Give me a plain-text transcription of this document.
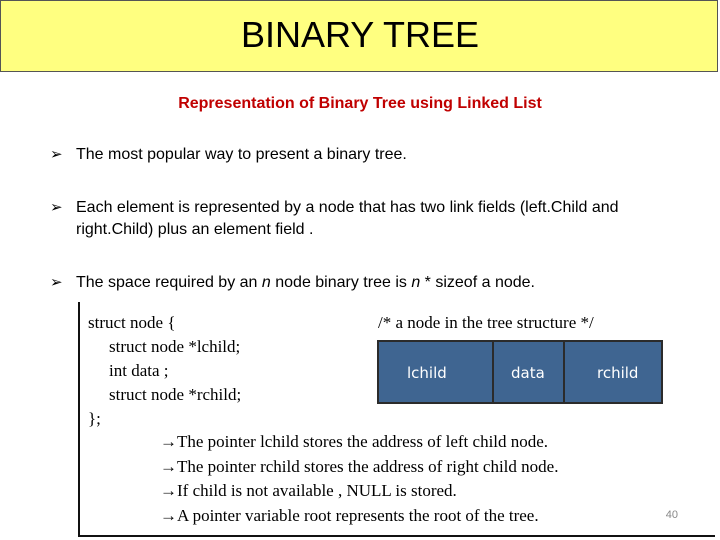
BINARY TREE
Representation of Binary Tree using Linked List
➢ The most popular way to present a binary tree.
➢ Each element is represented by a node that has two link fields (left.Child and right.Child) plus an element field .
➢ The space required by an n node binary tree is n * sizeof a node.
struct node {
struct node *lchild;
int data ;
struct node *rchild;
};
/* a node in the tree structure */
lchild	data	rchild
→The pointer lchild stores the address of left child node.
→The pointer rchild stores the address of right child node.
→If child is not available , NULL is stored.
→A pointer variable root represents the root of the tree.	40
